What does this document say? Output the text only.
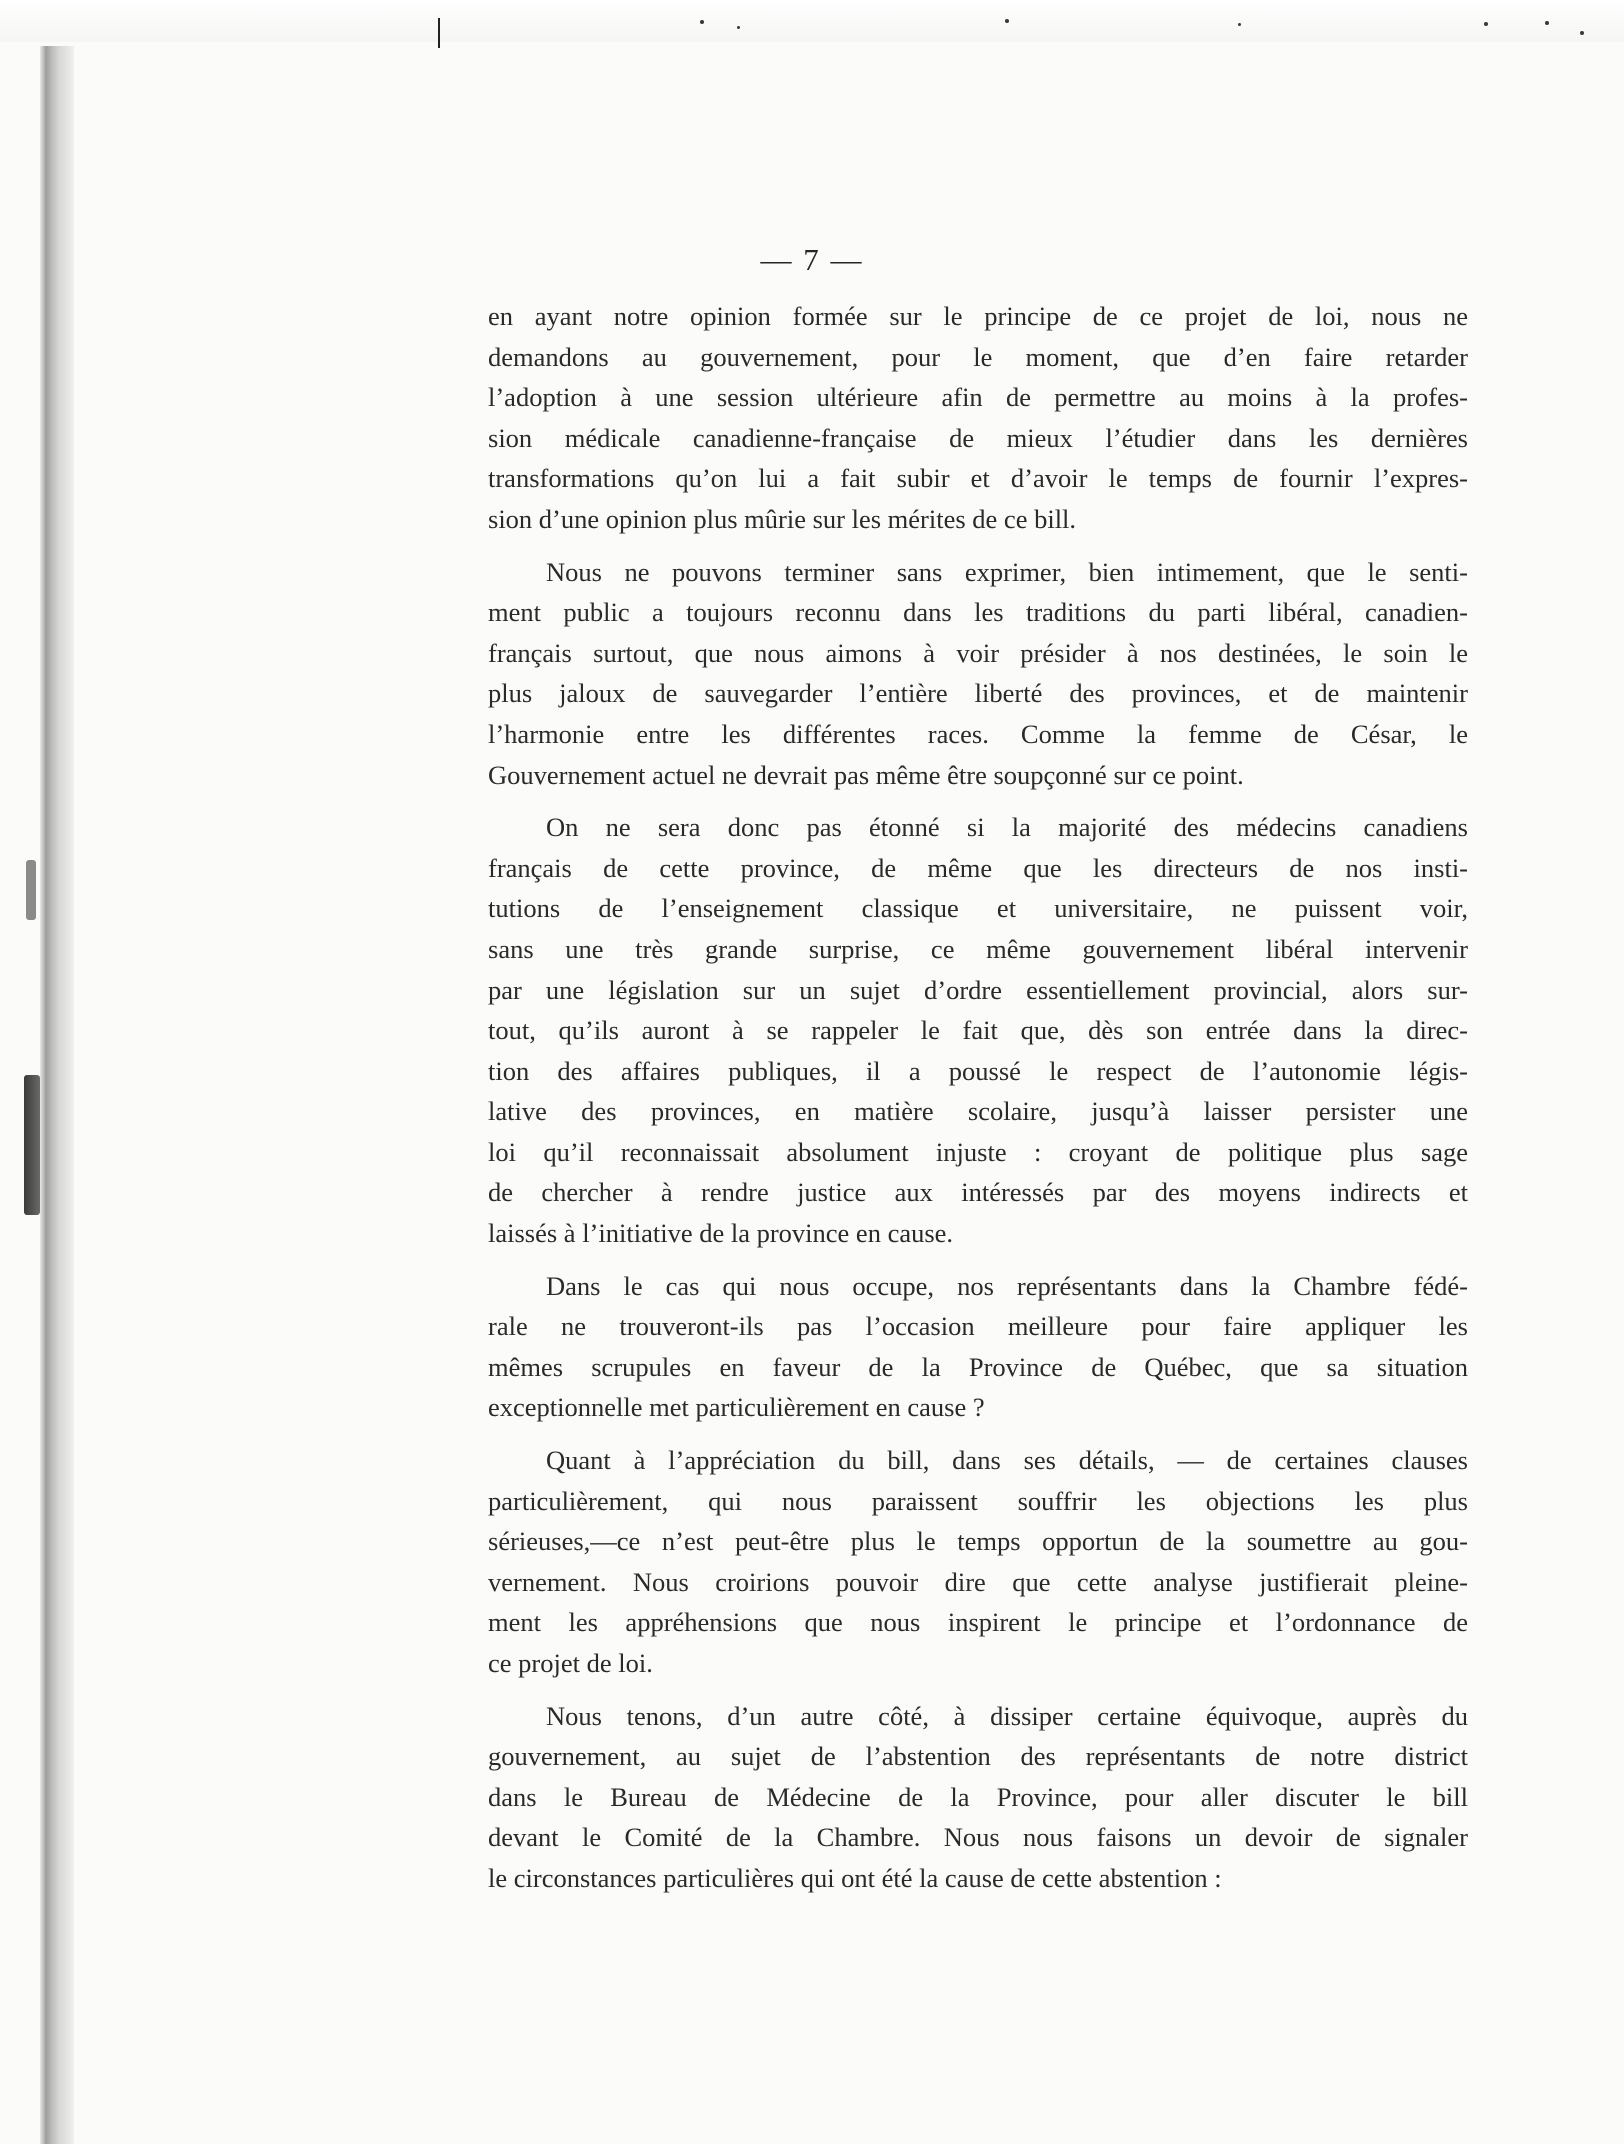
— 7 —
en ayant notre opinion formée sur le principe de ce projet de loi, nous ne
demandons au gouvernement, pour le moment, que d’en faire retarder
l’adoption à une session ultérieure afin de permettre au moins à la profes-
sion médicale canadienne-française de mieux l’étudier dans les dernières
transformations qu’on lui a fait subir et d’avoir le temps de fournir l’expres-
sion d’une opinion plus mûrie sur les mérites de ce bill.
Nous ne pouvons terminer sans exprimer, bien intimement, que le senti-
ment public a toujours reconnu dans les traditions du parti libéral, canadien-
français surtout, que nous aimons à voir présider à nos destinées, le soin le
plus jaloux de sauvegarder l’entière liberté des provinces, et de maintenir
l’harmonie entre les différentes races. Comme la femme de César, le
Gouvernement actuel ne devrait pas même être soupçonné sur ce point.
On ne sera donc pas étonné si la majorité des médecins canadiens
français de cette province, de même que les directeurs de nos insti-
tutions de l’enseignement classique et universitaire, ne puissent voir,
sans une très grande surprise, ce même gouvernement libéral intervenir
par une législation sur un sujet d’ordre essentiellement provincial, alors sur-
tout, qu’ils auront à se rappeler le fait que, dès son entrée dans la direc-
tion des affaires publiques, il a poussé le respect de l’autonomie légis-
lative des provinces, en matière scolaire, jusqu’à laisser persister une
loi qu’il reconnaissait absolument injuste : croyant de politique plus sage
de chercher à rendre justice aux intéressés par des moyens indirects et
laissés à l’initiative de la province en cause.
Dans le cas qui nous occupe, nos représentants dans la Chambre fédé-
rale ne trouveront-ils pas l’occasion meilleure pour faire appliquer les
mêmes scrupules en faveur de la Province de Québec, que sa situation
exceptionnelle met particulièrement en cause ?
Quant à l’appréciation du bill, dans ses détails, — de certaines clauses
particulièrement, qui nous paraissent souffrir les objections les plus
sérieuses,—ce n’est peut-être plus le temps opportun de la soumettre au gou-
vernement. Nous croirions pouvoir dire que cette analyse justifierait pleine-
ment les appréhensions que nous inspirent le principe et l’ordonnance de
ce projet de loi.
Nous tenons, d’un autre côté, à dissiper certaine équivoque, auprès du
gouvernement, au sujet de l’abstention des représentants de notre district
dans le Bureau de Médecine de la Province, pour aller discuter le bill
devant le Comité de la Chambre. Nous nous faisons un devoir de signaler
le circonstances particulières qui ont été la cause de cette abstention :
